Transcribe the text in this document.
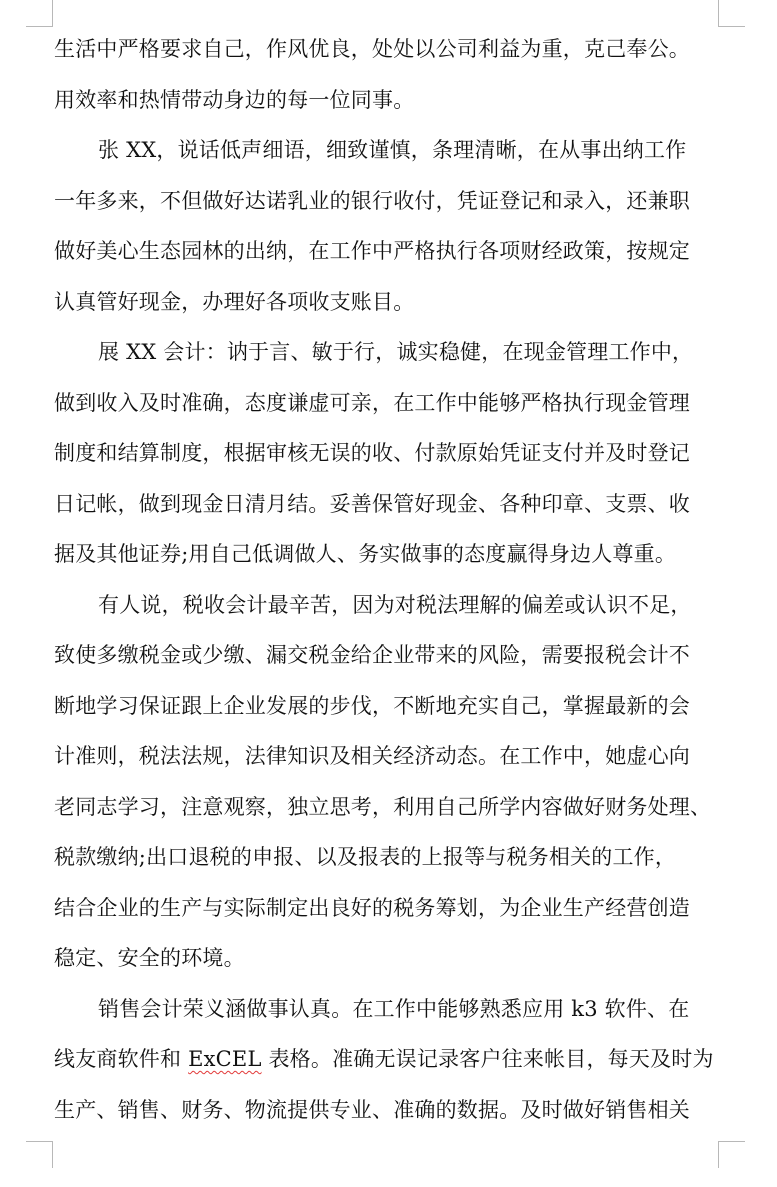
生活中严格要求自己，作风优良，处处以公司利益为重，克己奉公。
用效率和热情带动身边的每一位同事。
张 XX，说话低声细语，细致谨慎，条理清晰，在从事出纳工作
一年多来，不但做好达诺乳业的银行收付，凭证登记和录入，还兼职
做好美心生态园林的出纳，在工作中严格执行各项财经政策，按规定
认真管好现金，办理好各项收支账目。
展 XX 会计：讷于言、敏于行，诚实稳健，在现金管理工作中，
做到收入及时准确，态度谦虚可亲，在工作中能够严格执行现金管理
制度和结算制度，根据审核无误的收、付款原始凭证支付并及时登记
日记帐，做到现金日清月结。妥善保管好现金、各种印章、支票、收
据及其他证券;用自己低调做人、务实做事的态度赢得身边人尊重。
有人说，税收会计最辛苦，因为对税法理解的偏差或认识不足，
致使多缴税金或少缴、漏交税金给企业带来的风险，需要报税会计不
断地学习保证跟上企业发展的步伐，不断地充实自己，掌握最新的会
计准则，税法法规，法律知识及相关经济动态。在工作中，她虚心向
老同志学习，注意观察，独立思考，利用自己所学内容做好财务处理、
税款缴纳;出口退税的申报、以及报表的上报等与税务相关的工作，
结合企业的生产与实际制定出良好的税务筹划，为企业生产经营创造
稳定、安全的环境。
销售会计荣义涵做事认真。在工作中能够熟悉应用 k3 软件、在
线友商软件和 ExCEL 表格。准确无误记录客户往来帐目，每天及时为
生产、销售、财务、物流提供专业、准确的数据。及时做好销售相关
